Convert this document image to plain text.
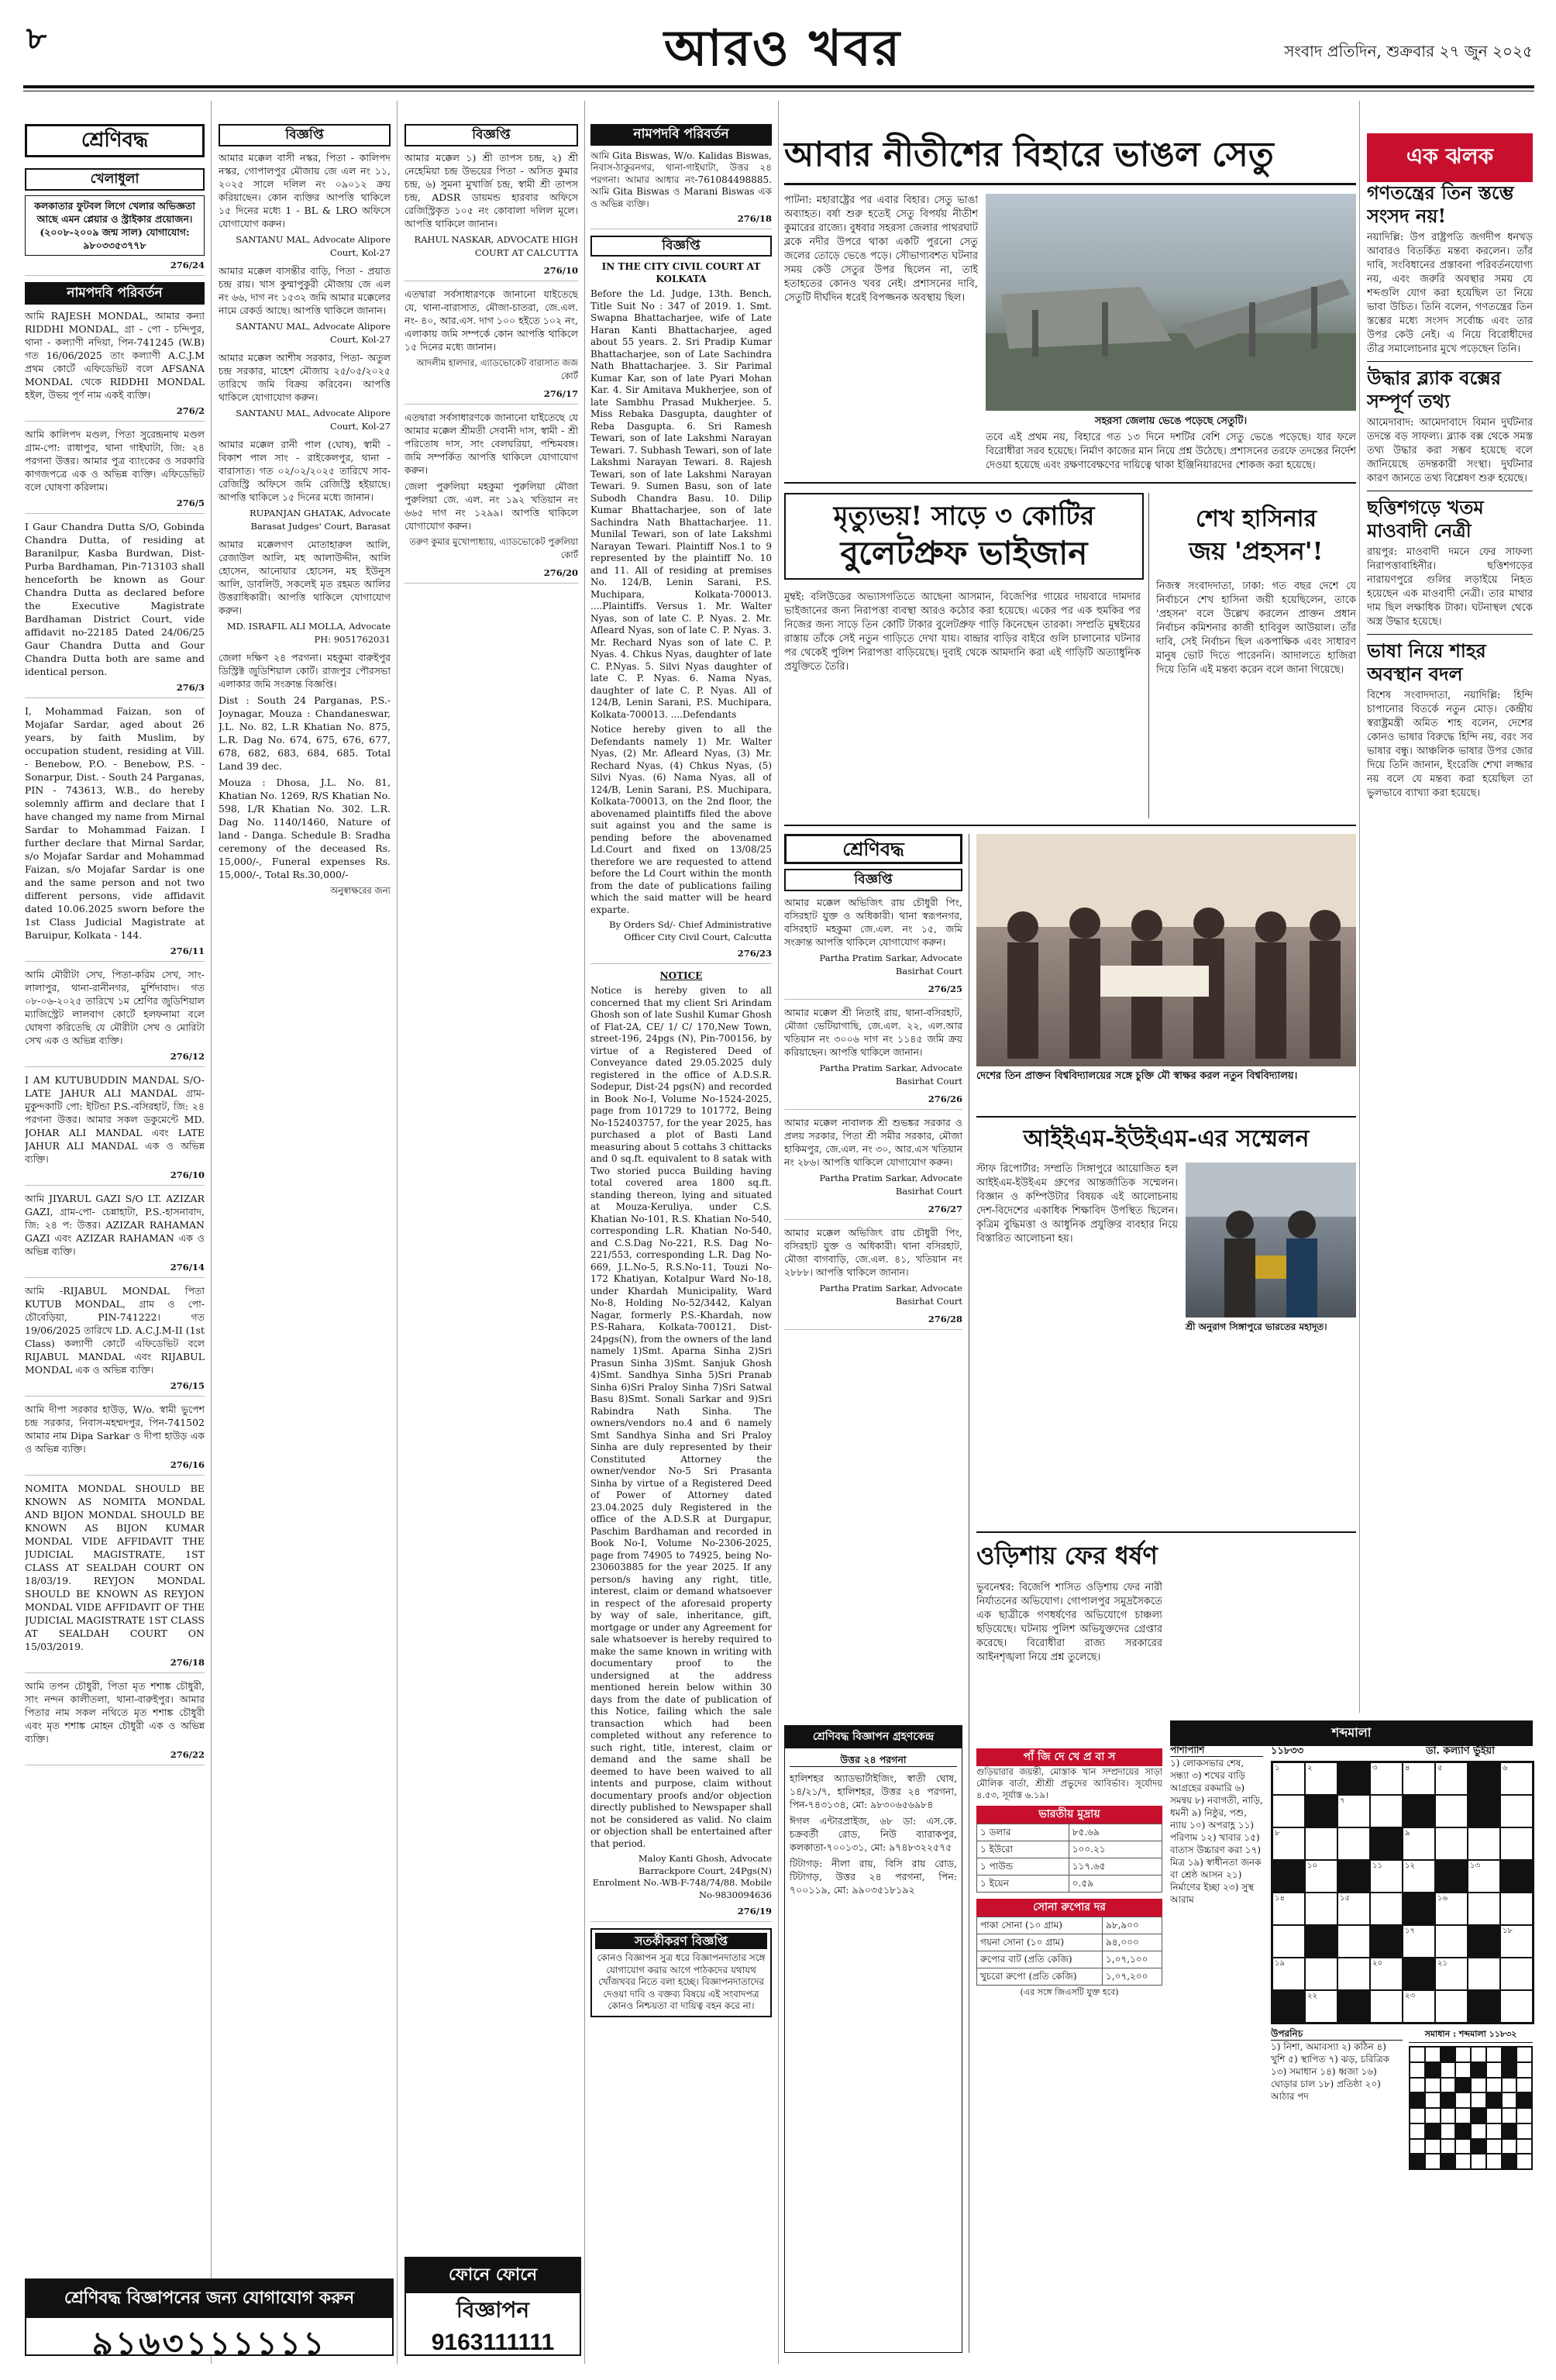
৮	আরও খবর	সংবাদ প্রতিদিন, শুক্রবার ২৭ জুন ২০২৫
শ্রেণিবদ্ধ
খেলাধুলা

কলকাতার ফুটবল লিগে খেলার অভিজ্ঞতা আছে এমন প্লেয়ার ও স্ট্রাইকার প্রয়োজন। (২০০৮-২০০৯ জন্ম সাল) যোগাযোগ: ৯৮০৩৩৫৩৭৭৮

276/24
নামপদবি পরিবর্তন

আমি RAJESH MONDAL, আমার কন্যা RIDDHI MONDAL, গ্রা - পো - চন্দিপুর, থানা - কল্যাণী নদিয়া, পিন-741245 (W.B) গত 16/06/2025 তাং কল্যাণী A.C.J.M প্রথম কোর্টে এফিডেভিট বলে AFSANA MONDAL থেকে RIDDHI MONDAL হইল, উভয় পূর্ণ নাম একই ব্যক্তি।

276/2

আমি কালিপদ মণ্ডল, পিতা সুরেন্দ্রনাথ মণ্ডল গ্রাম-পো: রাধাপুর, থানা গাইঘাটা, জি: ২৪ পরগনা উত্তর। আমার পুত্র ব্যাংকের ও সরকারি কাগজপত্রে এক ও অভিন্ন ব্যক্তি। এফিডেভিট বলে ঘোষণা করিলাম।

276/5

I Gaur Chandra Dutta S/O, Gobinda Chandra Dutta, of residing at Baranilpur, Kasba Burdwan, Dist- Purba Bardhaman, Pin-713103 shall henceforth be known as Gour Chandra Dutta as declared before the Executive Magistrate Bardhaman District Court, vide affidavit no-22185 Dated 24/06/25 Gaur Chandra Dutta and Gour Chandra Dutta both are same and identical person.

276/3

I, Mohammad Faizan, son of Mojafar Sardar, aged about 26 years, by faith Muslim, by occupation student, residing at Vill. - Benebow, P.O. - Benebow, P.S. - Sonarpur, Dist. - South 24 Parganas, PIN - 743613, W.B., do hereby solemnly affirm and declare that I have changed my name from Mirnal Sardar to Mohammad Faizan. I further declare that Mirnal Sardar, s/o Mojafar Sardar and Mohammad Faizan, s/o Mojafar Sardar is one and the same person and not two different persons, vide affidavit dated 10.06.2025 sworn before the 1st Class Judicial Magistrate at Baruipur, Kolkata - 144.

276/11

আমি মৌরীটা সেখ, পিতা-করিম সেখ, সাং-লালাপুর, থানা-রানীনগর, মুর্শিদাবাদ। গত ০৮-০৬-২০২৫ তারিখে ১ম শ্রেণির জুডিশিয়াল ম্যাজিস্ট্রেট লালবাগ কোর্টে হলফনামা বলে ঘোষণা করিতেছি যে মৌরীটা সেখ ও মোরিটা সেখ এক ও অভিন্ন ব্যক্তি।

276/12

I AM KUTUBUDDIN MANDAL S/O-LATE JAHUR ALI MANDAL গ্রাম-মুকুন্দকাটি পো: ইটিন্ডা P.S.-বসিরহাট, জি: ২৪ পরগনা উত্তর। আমার সকল ডকুমেন্টে MD. JOHAR ALI MANDAL এবং LATE JAHUR ALI MANDAL এক ও অভিন্ন ব্যক্তি।

276/10

আমি JIYARUL GAZI S/O LT. AZIZAR GAZI, গ্রাম-পো- চেন্নাহাটা, P.S.-হাসনাবাদ, জি: ২৪ প: উত্তর। AZIZAR RAHAMAN GAZI এবং AZIZAR RAHAMAN এক ও অভিন্ন ব্যক্তি।

276/14

আমি -RIJABUL MONDAL পিতা KUTUB MONDAL, গ্রাম ও পো-চৌবেড়িয়া, PIN-741222। গত 19/06/2025 তারিখে LD. A.C.J.M-II (1st Class) কল্যাণী কোর্টে এফিডেভিট বলে RIJABUL MANDAL এবং RIJABUL MONDAL এক ও অভিন্ন ব্যক্তি।

276/15

আমি দীপা সরকার হাউড়, W/o. স্বামী ভুপেশ চন্দ্র সরকার, নিবাস-মহম্মদপুর, পিন-741502 আমার নাম Dipa Sarkar ও দীপা হাউড় এক ও অভিন্ন ব্যক্তি।

276/16

NOMITA MONDAL SHOULD BE KNOWN AS NOMITA MONDAL AND BIJON MONDAL SHOULD BE KNOWN AS BIJON KUMAR MONDAL VIDE AFFIDAVIT THE JUDICIAL MAGISTRATE, 1ST CLASS AT SEALDAH COURT ON 18/03/19. REYJON MONDAL SHOULD BE KNOWN AS REYJON MONDAL VIDE AFFIDAVIT OF THE JUDICIAL MAGISTRATE 1ST CLASS AT SEALDAH COURT ON 15/03/2019.

276/18

আমি তপন চৌধুরী, পিতা মৃত শশাঙ্ক চৌধুরী, সাং নন্দন কালীতলা, থানা-বারুইপুর। আমার পিতার নাম সকল নথিতে মৃত শশাঙ্ক চৌধুরী এবং মৃত শশাঙ্ক মোহন চৌধুরী এক ও অভিন্ন ব্যক্তি।

276/22
শ্রেণিবদ্ধ বিজ্ঞাপনের জন্য যোগাযোগ করুন
৯১৬৩১১১১১১
বিজ্ঞপ্তি

আমার মক্কেল বাসী নস্কর, পিতা - কালিপদ নস্কর, গোপালপুর মৌজায় জে এল নং ১১, ২০২৫ সালে দলিল নং ০৯০১২ ক্রয় করিয়াছেন। কোন ব্যক্তির আপত্তি থাকিলে ১৫ দিনের মধ্যে 1 - BL & LRO অফিসে যোগাযোগ করুন।

SANTANU MAL, Advocate Alipore Court, Kol-27

আমার মক্কেল বাসন্তীর বাড়ি, পিতা - প্রয়াত চন্দ্র রায়। খাস কুম্মাপুকুরী মৌজায় জে এল নং ৬৬, দাগ নং ১৫৩২ জমি আমার মক্কেলের নামে রেকর্ড আছে। আপত্তি থাকিলে জানান।

SANTANU MAL, Advocate Alipore Court, Kol-27

আমার মক্কেল আশীষ সরকার, পিতা- অতুল চন্দ্র সরকার, মাহেশ মৌজায় ২৫/০৫/২০২৫ তারিখে জমি বিক্রয় করিবেন। আপত্তি থাকিলে যোগাযোগ করুন।

SANTANU MAL, Advocate Alipore Court, Kol-27

আমার মক্কেল রানী পাল (ঘোষ), স্বামী - বিকাশ পাল সাং - রাইকেলপুর, থানা - বারাসাত। গত ০২/০২/২০২৫ তারিখে সাব-রেজিস্ট্রি অফিসে জমি রেজিস্ট্রি হইয়াছে। আপত্তি থাকিলে ১৫ দিনের মধ্যে জানান।

RUPANJAN GHATAK, Advocate Barasat Judges' Court, Barasat

আমার মক্কেলগণ মোতাহারুল আলি, রেজাউল আলি, মহ আলাউদ্দীন, আলি হোসেন, আনোয়ার হোসেন, মহ ইউনুস আলি, ডাবলিউ, সকলেই মৃত রহমত আলির উত্তরাধিকারী। আপত্তি থাকিলে যোগাযোগ করুন।

MD. ISRAFIL ALI MOLLA, Advocate PH: 9051762031

জেলা দক্ষিণ ২৪ পরগনা। মহকুমা বারুইপুর ডিস্ট্রিক্ট জুডিশিয়াল কোর্ট। রাজপুর পৌরসভা এলাকার জমি সংক্রান্ত বিজ্ঞপ্তি।

Dist : South 24 Parganas, P.S.- Joynagar, Mouza : Chandaneswar, J.L. No. 82, L.R Khatian No. 875, L.R. Dag No. 674, 675, 676, 677, 678, 682, 683, 684, 685. Total Land 39 dec.

Mouza : Dhosa, J.L. No. 81, Khatian No. 1269, R/S Khatian No. 598, L/R Khatian No. 302. L.R. Dag No. 1140/1460, Nature of land - Danga. Schedule B: Sradha ceremony of the deceased Rs. 15,000/-, Funeral expenses Rs. 15,000/-, Total Rs.30,000/-

অনুস্বাক্ষরের জন্য
বিজ্ঞপ্তি

আমার মক্কেল ১) শ্রী তাপস চন্দ্র, ২) শ্রী নেহেমিয়া চন্দ্র উভয়ের পিতা - অসিত কুমার চন্দ্র, ৬) সুমনা মুখার্জি চন্দ্র, স্বামী শ্রী তাপস চন্দ্র, ADSR ডায়মন্ড হারবার অফিসে রেজিস্ট্রিকৃত ১০৫ নং কোবালা দলিল মূলে। আপত্তি থাকিলে জানান।

RAHUL NASKAR, ADVOCATE HIGH COURT AT CALCUTTA
276/10

এতদ্বারা সর্বসাধারণকে জানানো যাইতেছে যে, থানা-বারাসাত, মৌজা-চাতরা, জে.এল. নং- ৪০, আর.এস. দাগ ১০০ হইতে ১০২ নং, এলাকায় জমি সম্পর্কে কোন আপত্তি থাকিলে ১৫ দিনের মধ্যে জানান।

আদলীম হালদার, এ্যাডভোকেট বারাসাত জজ কোর্ট
276/17

এতদ্বারা সর্বসাধারণকে জানানো যাইতেছে যে আমার মক্কেল শ্রীমতী সেবানী দাস, স্বামী - শ্রী পরিতোষ দাস, সাং বেলঘরিয়া, পশ্চিমবঙ্গ। জমি সম্পর্কিত আপত্তি থাকিলে যোগাযোগ করুন।

জেলা পুরুলিয়া মহকুমা পুরুলিয়া মৌজা পুরুলিয়া জে. এল. নং ১৯২ খতিয়ান নং ৬৬৫ দাগ নং ১২৯৯। আপত্তি থাকিলে যোগাযোগ করুন।

তরুণ কুমার মুখোপাধ্যায়, এ্যাডভোকেট পুরুলিয়া কোর্ট
276/20
ফোনে ফোনে
বিজ্ঞাপন
9163111111
নামপদবি পরিবর্তন

আমি Gita Biswas, W/o. Kalidas Biswas, নিবাস-ঠাকুরনগর, থানা-গাইঘাটা, উত্তর ২৪ পরগনা। আমার আধার নং-761084498885. আমি Gita Biswas ও Marani Biswas এক ও অভিন্ন ব্যক্তি।

276/18
বিজ্ঞপ্তি

IN THE CITY CIVIL COURT AT KOLKATA

Before the Ld. Judge, 13th. Bench, Title Suit No : 347 of 2019. 1. Smt. Swapna Bhattacharjee, wife of Late Haran Kanti Bhattacharjee, aged about 55 years. 2. Sri Pradip Kumar Bhattacharjee, son of Late Sachindra Nath Bhattacharjee. 3. Sir Parimal Kumar Kar, son of late Pyari Mohan Kar. 4. Sir Amitava Mukherjee, son of late Sambhu Prasad Mukherjee. 5. Miss Rebaka Dasgupta, daughter of Reba Dasgupta. 6. Sri Ramesh Tewari, son of late Lakshmi Narayan Tewari. 7. Subhash Tewari, son of late Lakshmi Narayan Tewari. 8. Rajesh Tewari, son of late Lakshmi Narayan Tewari. 9. Sumen Basu, son of late Subodh Chandra Basu. 10. Dilip Kumar Bhattacharjee, son of late Sachindra Nath Bhattacharjee. 11. Munilal Tewari, son of late Lakshmi Narayan Tewari. Plaintiff Nos.1 to 9 represented by the plaintiff No. 10 and 11. All of residing at premises No. 124/B, Lenin Sarani, P.S. Muchipara, Kolkata-700013. ....Plaintiffs. Versus 1. Mr. Walter Nyas, son of late C. P. Nyas. 2. Mr. Afleard Nyas, son of late C. P. Nyas. 3. Mr. Rechard Nyas son of late C. P. Nyas. 4. Chkus Nyas, daughter of late C. P.Nyas. 5. Silvi Nyas daughter of late C. P. Nyas. 6. Nama Nyas, daughter of late C. P. Nyas. All of 124/B, Lenin Sarani, P.S. Muchipara, Kolkata-700013. ....Defendants

Notice hereby given to all the Defendants namely 1) Mr. Walter Nyas, (2) Mr. Afleard Nyas, (3) Mr. Rechard Nyas, (4) Chkus Nyas, (5) Silvi Nyas. (6) Nama Nyas, all of 124/B, Lenin Sarani, P.S. Muchipara, Kolkata-700013, on the 2nd floor, the abovenamed plaintiffs filed the above suit against you and the same is pending before the abovenamed Ld.Court and fixed on 13/08/25 therefore we are requested to attend before the Ld Court within the month from the date of publications failing which the said matter will be heard exparte.

By Orders Sd/- Chief Administrative Officer City Civil Court, Calcutta
276/23

NOTICE

Notice is hereby given to all concerned that my client Sri Arindam Ghosh son of late Sushil Kumar Ghosh of Flat-2A, CE/ 1/ C/ 170,New Town, street-196, 24pgs (N), Pin-700156, by virtue of a Registered Deed of Conveyance dated 29.05.2025 duly registered in the office of A.D.S.R. Sodepur, Dist-24 pgs(N) and recorded in Book No-I, Volume No-1524-2025, page from 101729 to 101772, Being No-152403757, for the year 2025, has purchased a plot of Basti Land measuring about 5 cottahs 3 chittacks and 0 sq.ft. equivalent to 8 satak with Two storied pucca Building having total covered area 1800 sq.ft. standing thereon, lying and situated at Mouza-Keruliya, under C.S. Khatian No-101, R.S. Khatian No-540, corresponding L.R. Khatian No-540, and C.S.Dag No-221, R.S. Dag No-221/553, corresponding L.R. Dag No-669, J.L.No-5, R.S.No-11, Touzi No-172 Khatiyan, Kotalpur Ward No-18, under Khardah Municipality, Ward No-8, Holding No-52/3442, Kalyan Nagar, formerly P.S.-Khardah, now P.S-Rahara, Kolkata-700121, Dist-24pgs(N), from the owners of the land namely 1)Smt. Aparna Sinha 2)Sri Prasun Sinha 3)Smt. Sanjuk Ghosh 4)Smt. Sandhya Sinha 5)Sri Pranab Sinha 6)Sri Praloy Sinha 7)Sri Satwal Basu 8)Smt. Sonali Sarkar and 9)Sri Rabindra Nath Sinha. The owners/vendors no.4 and 6 namely Smt Sandhya Sinha and Sri Praloy Sinha are duly represented by their Constituted Attorney the owner/vendor No-5 Sri Prasanta Sinha by virtue of a Registered Deed of Power of Attorney dated 23.04.2025 duly Registered in the office of the A.D.S.R at Durgapur, Paschim Bardhaman and recorded in Book No-I, Volume No-2306-2025, page from 74905 to 74925, being No-230603885 for the year 2025. If any person/s having any right, title, interest, claim or demand whatsoever in respect of the aforesaid property by way of sale, inheritance, gift, mortgage or under any Agreement for sale whatsoever is hereby required to make the same known in writing with documentary proof to the undersigned at the address mentioned herein below within 30 days from the date of publication of this Notice, failing which the sale transaction which had been completed without any reference to such right, title, interest, claim or demand and the same shall be deemed to have been waived to all intents and purpose, claim without documentary proofs and/or objection directly published to Newspaper shall not be considered as valid. No claim or objection shall be entertained after that period.

Maloy Kanti Ghosh, Advocate Barrackpore Court, 24Pgs(N) Enrolment No.-WB-F-748/74/88. Mobile No-9830094636
276/19
সতর্কীকরণ বিজ্ঞপ্তি
কোনও বিজ্ঞাপন সুত্র ধরে বিজ্ঞাপনদাতার সঙ্গে যোগাযোগ করার আগে পাঠকদের যথাযথ খোঁজখবর নিতে বলা হচ্ছে। বিজ্ঞাপনদাতাদের দেওয়া দাবি ও বক্তব্য বিষয়ে এই সংবাদপত্র কোনও নিশ্চয়তা বা দায়িত্ব বহন করে না।
আবার নীতীশের বিহারে ভাঙল সেতু

পাটনা: মহারাষ্ট্রের পর এবার বিহার। সেতু ভাঙা অব্যাহত। বর্ষা শুরু হতেই সেতু বিপর্যয় নীতীশ কুমারের রাজ্যে। বুধবার সহরসা জেলার পাথরঘাট ব্লকে নদীর উপরে থাকা একটি পুরনো সেতু জলের তোড়ে ভেঙে পড়ে। সৌভাগ্যবশত ঘটনার সময় কেউ সেতুর উপর ছিলেন না, তাই হতাহতের কোনও খবর নেই। প্রশাসনের দাবি, সেতুটি দীর্ঘদিন ধরেই বিপজ্জনক অবস্থায় ছিল।

সহরসা জেলায় ভেঙে পড়েছে সেতুটি।

তবে এই প্রথম নয়, বিহারে গত ১৩ দিনে দশটির বেশি সেতু ভেঙে পড়েছে। যার ফলে বিরোধীরা সরব হয়েছে। নির্মাণ কাজের মান নিয়ে প্রশ্ন উঠেছে। প্রশাসনের তরফে তদন্তের নির্দেশ দেওয়া হয়েছে এবং রক্ষণাবেক্ষণের দায়িত্বে থাকা ইঞ্জিনিয়ারদের শোকজ করা হয়েছে।

মৃত্যুভয়! সাড়ে ৩ কোটির
বুলেটপ্রুফ ভাইজান

মুম্বই: বলিউডের অভ্যাসগতিতে আছেনা আসমান, বিজেপির গায়ের দায়বারে দামদার ভাইজানের জন্য নিরাপত্তা ব্যবস্থা আরও কঠোর করা হয়েছে। একের পর এক হুমকির পর নিজের জন্য সাড়ে তিন কোটি টাকার বুলেটপ্রুফ গাড়ি কিনেছেন তারকা। সম্প্রতি মুম্বইয়ের রাস্তায় তাঁকে সেই নতুন গাড়িতে দেখা যায়। বান্দ্রার বাড়ির বাইরে গুলি চালানোর ঘটনার পর থেকেই পুলিশ নিরাপত্তা বাড়িয়েছে। দুবাই থেকে আমদানি করা এই গাড়িটি অত্যাধুনিক প্রযুক্তিতে তৈরি।

শেখ হাসিনার
জয় 'প্রহসন'!

নিজস্ব সংবাদদাতা, ঢাকা: গত বছর দেশে যে নির্বাচনে শেখ হাসিনা জয়ী হয়েছিলেন, তাকে 'প্রহসন' বলে উল্লেখ করলেন প্রাক্তন প্রধান নির্বাচন কমিশনার কাজী হাবিবুল আউয়াল। তাঁর দাবি, সেই নির্বাচন ছিল একপাক্ষিক এবং সাধারণ মানুষ ভোট দিতে পারেননি। আদালতে হাজিরা দিয়ে তিনি এই মন্তব্য করেন বলে জানা গিয়েছে।

শ্রেণিবদ্ধ
বিজ্ঞপ্তি

আমার মক্কেল অভিজিৎ রায় চৌধুরী পিং, বসিরহাট যুক্ত ও অধিকারী। থানা স্বরূপনগর, বসিরহাট মহকুমা জে.এল. নং ১৫, জমি সংক্রান্ত আপত্তি থাকিলে যোগাযোগ করুন।

Partha Pratim Sarkar, Advocate Basirhat Court
276/25

আমার মক্কেল শ্রী নিতাই রায়, থানা-বসিরহাট, মৌজা ভেটিয়াগাছি, জে.এল. ২২, এল.আর খতিয়ান নং ৩০০৬ দাগ নং ১১৪৫ জমি ক্রয় করিয়াছেন। আপত্তি থাকিলে জানান।

Partha Pratim Sarkar, Advocate Basirhat Court
276/26

আমার মক্কেল নাবালক শ্রী শুভঙ্কর সরকার ও প্রলয় সরকার, পিতা শ্রী সমীর সরকার, মৌজা হাকিমপুর, জে.এল. নং ৩০, আর.এস খতিয়ান নং ২৮৬। আপত্তি থাকিলে যোগাযোগ করুন।

Partha Pratim Sarkar, Advocate Basirhat Court
276/27

আমার মক্কেল অভিজিৎ রায় চৌধুরী পিং, বসিরহাট যুক্ত ও অধিকারী। থানা বসিরহাট, মৌজা বাগবাড়ি, জে.এল. ৪১, খতিয়ান নং ২৮৮৮। আপত্তি থাকিলে জানান।

Partha Pratim Sarkar, Advocate Basirhat Court
276/28
দেশের তিন প্রাক্তন বিশ্ববিদ্যালয়ের সঙ্গে চুক্তি মৌ স্বাক্ষর করল নতুন বিশ্ববিদ্যালয়।
আইইএম-ইউইএম-এর সম্মেলন

স্টাফ রিপোর্টার: সম্প্রতি সিঙ্গাপুরে আয়োজিত হল আইইএম-ইউইএম গ্রুপের আন্তর্জাতিক সম্মেলন। বিজ্ঞান ও কম্পিউটার বিষয়ক এই আলোচনায় দেশ-বিদেশের একাধিক শিক্ষাবিদ উপস্থিত ছিলেন। কৃত্রিম বুদ্ধিমত্তা ও আধুনিক প্রযুক্তির ব্যবহার নিয়ে বিস্তারিত আলোচনা হয়।

শ্রী অনুরাগ সিঙ্গাপুরে ভারতের মহাদূত।
ওড়িশায় ফের ধর্ষণ

ভুবনেশ্বর: বিজেপি শাসিত ওড়িশায় ফের নারী নির্যাতনের অভিযোগ। গোপালপুর সমুদ্রসৈকতে এক ছাত্রীকে গণধর্ষণের অভিযোগে চাঞ্চল্য ছড়িয়েছে। ঘটনায় পুলিশ অভিযুক্তদের গ্রেপ্তার করেছে। বিরোধীরা রাজ্য সরকারের আইনশৃঙ্খলা নিয়ে প্রশ্ন তুলেছে।

শ্রেণিবদ্ধ বিজ্ঞাপন গ্রহণকেন্দ্র
উত্তর ২৪ পরগনা

হালিশহর অ্যাডভার্টাইজিং, স্বাতী ঘোষ, ১৪/২১/৭, হালিশহর, উত্তর ২৪ পরগনা, পিন-৭৪৩১৩৪, মো: ৯৮৩০৬৫৬৯৮৪

ঈগল এন্টারপ্রাইজ, ৬৮ ডা: এস.কে. চক্রবর্তী রোড, নিউ ব্যারাকপুর, কলকাতা-৭০০১৩১, মো: ৯৭৪৮৩২২৫৭৫

টিটাগড়: নীলা রায়, বিসি রায় রোড, টিটাগড়, উত্তর ২৪ পরগনা, পিন: ৭০০১১৯, মো: ৯৯০৩৫১৮১৯২

পাঁ জি দে খে প্র বা স

গুড়িয়ারার জয়ন্তী, মোস্তাক খান সম্প্রদায়ের সাড়া মৌলিক বার্তা, শ্রীশ্রী প্রভুদের আবির্ভাব। সূর্যোদয় ৪.৫৩, সূর্যাস্ত ৬.১৯।

ভারতীয় মুদ্রায়
১ ডলার	৮৫.৬৯
১ ইউরো	১০০.২১
১ পাউন্ড	১১৭.৬৫
১ ইয়েন	০.৫৯
সোনা রুপোর দর
পাকা সোনা (১০ গ্রাম)	৯৮,৯০০
গয়না সোনা (১০ গ্রাম)	৯৪,০০০
রুপোর বাট (প্রতি কেজি)	১,০৭,১০০
খুচরো রুপো (প্রতি কেজি)	১,০৭,২০০
(এর সঙ্গে জিএসটি যুক্ত হবে)
এক ঝলক
গণতন্ত্রের তিন স্তম্ভে সংসদ নয়!

নয়াদিল্লি: উপ রাষ্ট্রপতি জগদীপ ধনখড় আবারও বিতর্কিত মন্তব্য করলেন। তাঁর দাবি, সংবিধানের প্রস্তাবনা পরিবর্তনযোগ্য নয়, এবং জরুরি অবস্থার সময় যে শব্দগুলি যোগ করা হয়েছিল তা নিয়ে ভাবা উচিত। তিনি বলেন, গণতন্ত্রের তিন স্তম্ভের মধ্যে সংসদ সর্বোচ্চ এবং তার উপর কেউ নেই। এ নিয়ে বিরোধীদের তীব্র সমালোচনার মুখে পড়েছেন তিনি।

উদ্ধার ব্ল্যাক বক্সের সম্পূর্ণ তথ্য

আমেদাবাদ: আমেদাবাদে বিমান দুর্ঘটনার তদন্তে বড় সাফল্য। ব্ল্যাক বক্স থেকে সমস্ত তথ্য উদ্ধার করা সম্ভব হয়েছে বলে জানিয়েছে তদন্তকারী সংস্থা। দুর্ঘটনার কারণ জানতে তথ্য বিশ্লেষণ শুরু হয়েছে।

ছত্তিশগড়ে খতম মাওবাদী নেত্রী

রায়পুর: মাওবাদী দমনে ফের সাফল্য নিরাপত্তাবাহিনীর। ছত্তিশগড়ের নারায়ণপুরে গুলির লড়াইয়ে নিহত হয়েছেন এক মাওবাদী নেত্রী। তার মাথার দাম ছিল লক্ষাধিক টাকা। ঘটনাস্থল থেকে অস্ত্র উদ্ধার হয়েছে।

ভাষা নিয়ে শাহর অবস্থান বদল

বিশেষ সংবাদদাতা, নয়াদিল্লি: হিন্দি চাপানোর বিতর্কে নতুন মোড়। কেন্দ্রীয় স্বরাষ্ট্রমন্ত্রী অমিত শাহ বলেন, দেশের কোনও ভাষার বিরুদ্ধে হিন্দি নয়, বরং সব ভাষার বন্ধু। আঞ্চলিক ভাষার উপর জোর দিয়ে তিনি জানান, ইংরেজি শেখা লজ্জার নয় বলে যে মন্তব্য করা হয়েছিল তা ভুলভাবে ব্যাখ্যা করা হয়েছে।

শব্দমালা
১১৮৩৩	ডা. কল্যাণ ভুঁইয়া
পাশাপাশি

১) লোকসভার শেষ, সন্ধ্যা ৩) শখের বাড়ি আগ্রহের রকমারি ৬) সমন্বয় ৮) নবাগতী, নাড়ি, ধমনী ৯) নিষ্ঠুর, পশু, ন্যায় ১০) অপরাহ্ণ ১১) পরিণাম ১২) খাবার ১৫) বাতাস উচ্চারণ করা ১৭) মিত্র ১৯) স্বাধীনতা জনক বা শ্রেষ্ঠ আসন ২১) নির্মাণের ইচ্ছা ২৩) সুস্থ আরাম

১	২	৩	৪	৫	৬
৭
৮	৯
১০	১১	১২	১৩
১৪	১৫	১৬
১৭	১৮
১৯	২০	২১
২২	২৩
উপরনিচ

১) নিশা, অমাবস্যা ২) কঠিন ৪) খুশি ৫) স্থাপিত ৭) ঝড়, চরিত্রিক ১৩) সমাধান ১৪) ধ্বজা ১৬) ঘোড়ার চাল ১৮) প্রতিষ্ঠা ২০) আঠার পদ

সমাধান : শব্দমালা ১১৮৩২
